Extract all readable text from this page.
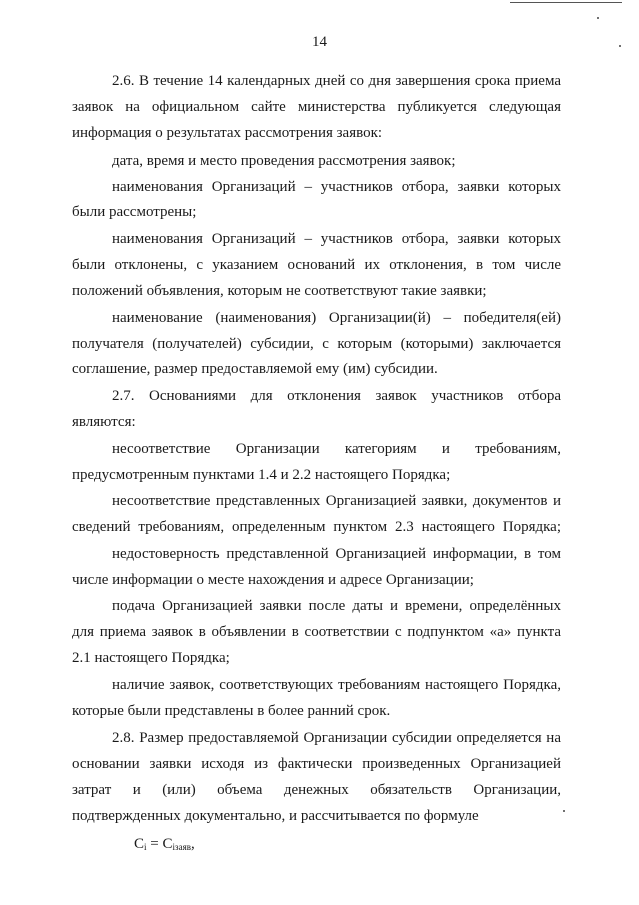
14
2.6. В течение 14 календарных дней со дня завершения срока приема
заявок на официальном сайте министерства публикуется следующая
информация о результатах рассмотрения заявок:
дата, время и место проведения рассмотрения заявок;
наименования Организаций – участников отбора, заявки которых
были рассмотрены;
наименования Организаций – участников отбора, заявки которых
были отклонены, с указанием оснований их отклонения, в том числе
положений объявления, которым не соответствуют такие заявки;
наименование (наименования) Организации(й) – победителя(ей)
получателя (получателей) субсидии, с которым (которыми) заключается
соглашение, размер предоставляемой ему (им) субсидии.
2.7. Основаниями для отклонения заявок участников отбора
являются:
несоответствие Организации категориям и требованиям,
предусмотренным пунктами 1.4 и 2.2 настоящего Порядка;
несоответствие представленных Организацией заявки, документов и
сведений требованиям, определенным пунктом 2.3 настоящего Порядка;
недостоверность представленной Организацией информации, в том
числе информации о месте нахождения и адресе Организации;
подача Организацией заявки после даты и времени, определённых
для приема заявок в объявлении в соответствии с подпунктом «а» пункта
2.1 настоящего Порядка;
наличие заявок, соответствующих требованиям настоящего Порядка,
которые были представлены в более ранний срок.
2.8. Размер предоставляемой Организации субсидии определяется на
основании заявки исходя из фактически произведенных Организацией
затрат и (или) объема денежных обязательств Организации,
подтвержденных документально, и рассчитывается по формуле
$C_i = C_{iзаяв}$,
